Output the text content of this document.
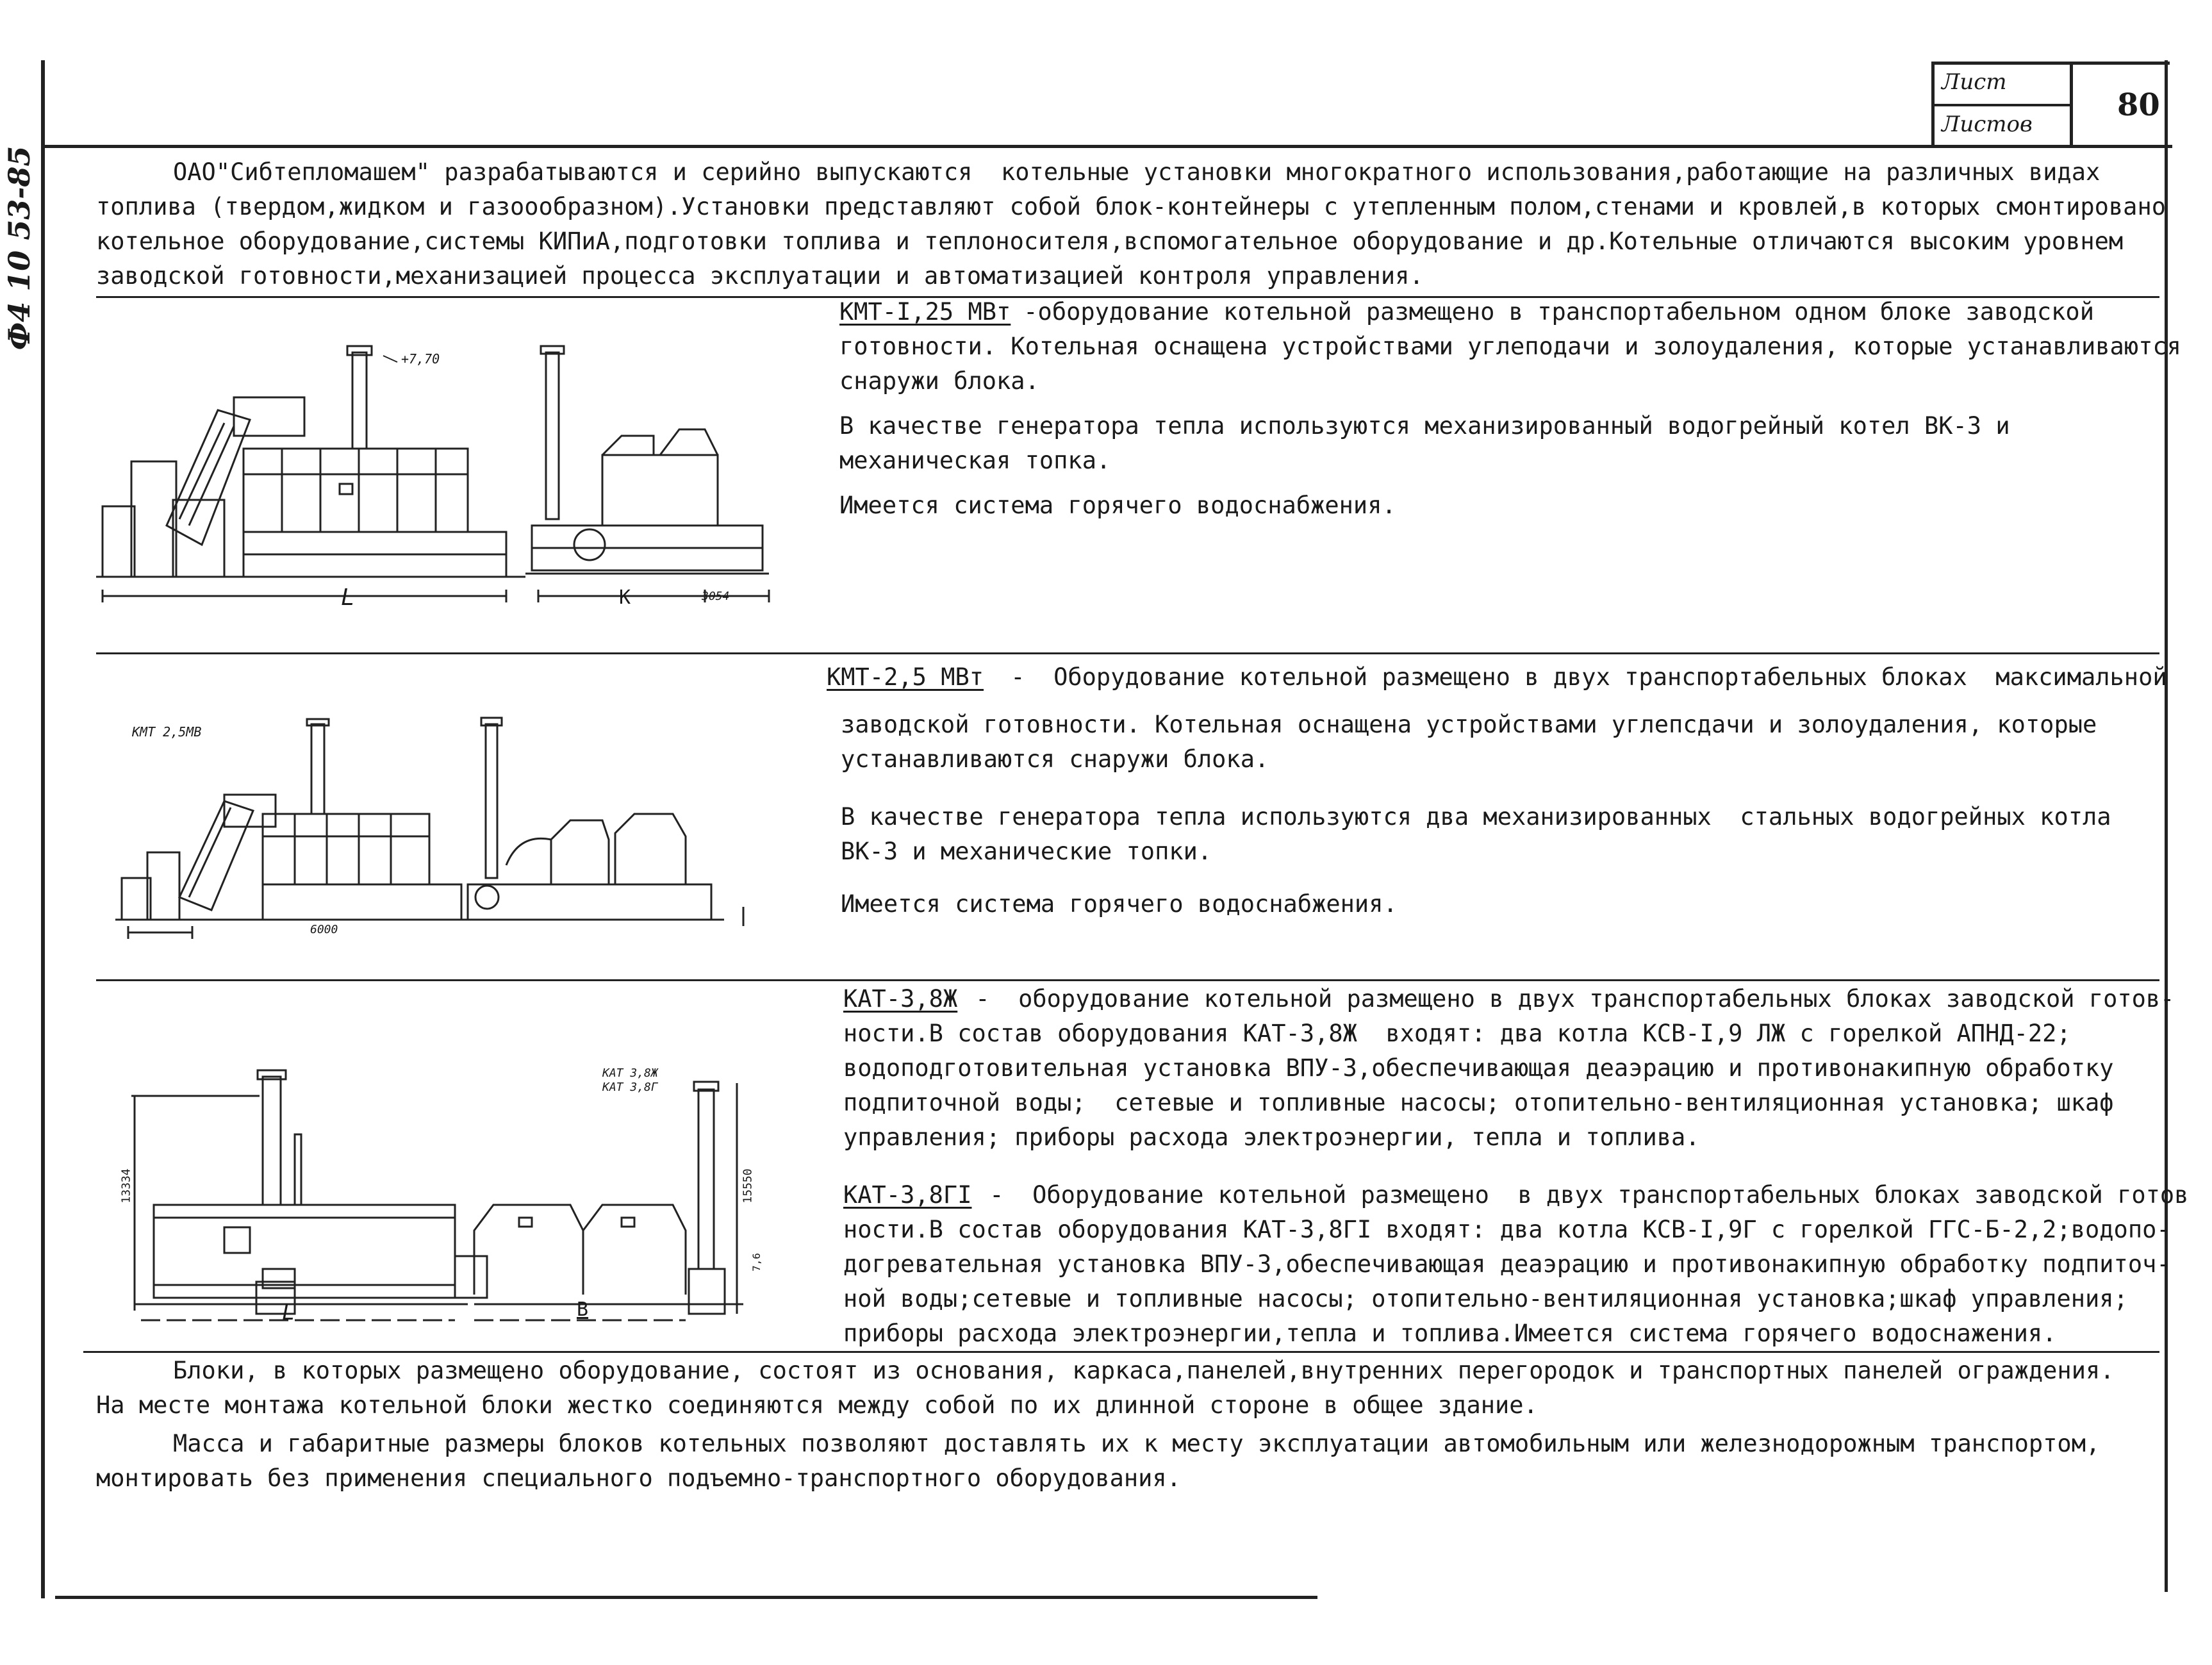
Лист
Листов
80
Ф4 10 53-85	ОАО"Сибтепломашем" разрабатываются и серийно выпускаются  котельные установки многократного использования,работающие на различных видах
топлива (твердом,жидком и газоообразном).Установки представляют собой блок-контейнеры с утепленным полом,стенами и кровлей,в которых смонтировано
котельное оборудование,системы КИПиА,подготовки топлива и теплоносителя,вспомогательное оборудование и др.Котельные отличаются высоким уровнем
заводской готовности,механизацией процесса эксплуатации и автоматизацией контроля управления.
КМТ-I,25 МВт
-оборудование котельной размещено в транспортабельном одном блоке заводской
готовности. Котельная оснащена устройствами углеподачи и золоудаления, которые устанавливаются
снаружи блока.
В качестве генератора тепла используются механизированный водогрейный котел ВК-3 и
механическая топка.
Имеется система горячего водоснабжения.
+7,70
L	К	3054
КМТ-2,5 МВт -  Оборудование котельной размещено в двух транспортабельных блоках  максимальной
заводской готовности. Котельная оснащена устройствами углепсдачи и золоудаления, которые
устанавливаются снаружи блока.
В качестве генератора тепла используются два механизированных  стальных водогрейных котла
ВК-3 и механические топки.
Имеется система горячего водоснабжения.
КМТ 2,5МВ
6000
КАТ-3,8Ж -  оборудование котельной размещено в двух транспортабельных блоках заводской готов-
ности.В состав оборудования КАТ-3,8Ж  входят: два котла КСВ-I,9 ЛЖ с горелкой АПНД-22;
водоподготовительная установка ВПУ-3,обеспечивающая деаэрацию и противонакипную обработку
подпиточной воды;  сетевые и топливные насосы; отопительно-вентиляционная установка; шкаф
управления; приборы расхода электроэнергии, тепла и топлива.
КАТ-3,8ГI -  Оборудование котельной размещено  в двух транспортабельных блоках заводской готов
ности.В состав оборудования КАТ-3,8ГI входят: два котла КСВ-I,9Г с горелкой ГГС-Б-2,2;водопо-
догревательная установка ВПУ-3,обеспечивающая деаэрацию и противонакипную обработку подпиточ-
ной воды;сетевые и топливные насосы; отопительно-вентиляционная установка;шкаф управления;
приборы расхода электроэнергии,тепла и топлива.Имеется система горячего водоснажения.
КАТ 3,8Ж
КАТ 3,8Г
13334	15550
7,6
L	B
Блоки, в которых размещено оборудование, состоят из основания, каркаса,панелей,внутренних перегородок и транспортных панелей ограждения.
На месте монтажа котельной блоки жестко соединяются между собой по их длинной стороне в общее здание.
Масса и габаритные размеры блоков котельных позволяют доставлять их к месту эксплуатации автомобильным или железнодорожным транспортом,
монтировать без применения специального подъемно-транспортного оборудования.
